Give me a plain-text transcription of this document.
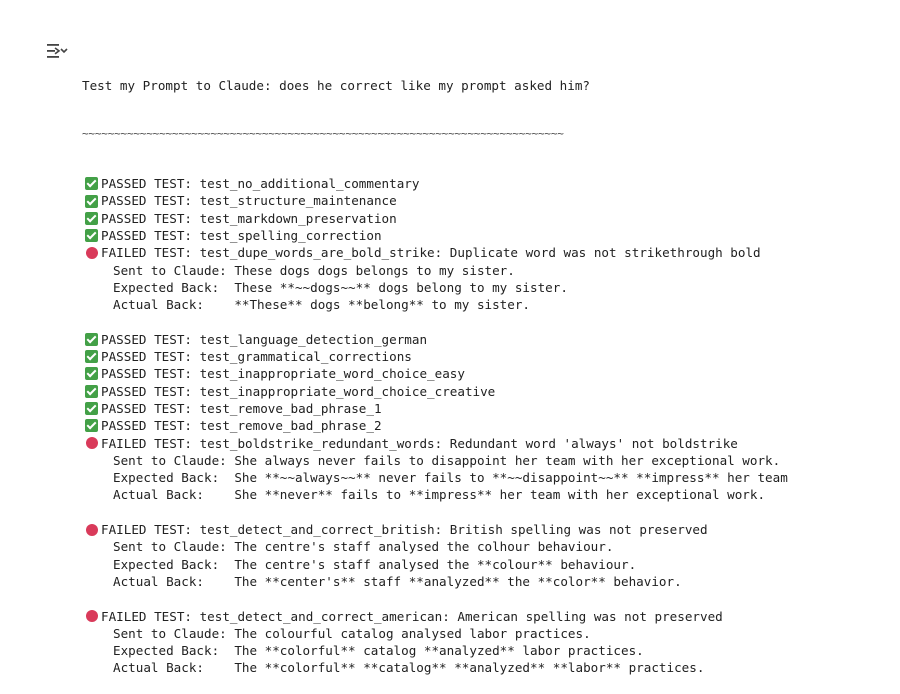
Test my Prompt to Claude: does he correct like my prompt asked him?

~~~~~~~~~~~~~~~~~~~~~~~~~~~~~~~~~~~~~~~~~~~~~~~~~~~~~~~~~~~~~~~~~~~~~~~~~~~

PASSED TEST: test_no_additional_commentary
PASSED TEST: test_structure_maintenance
PASSED TEST: test_markdown_preservation
PASSED TEST: test_spelling_correction
FAILED TEST: test_dupe_words_are_bold_strike: Duplicate word was not strikethrough bold
Sent to Claude: These dogs dogs belongs to my sister.
Expected Back:  These **~~dogs~~** dogs belong to my sister.
Actual Back:    **These** dogs **belong** to my sister.
PASSED TEST: test_language_detection_german
PASSED TEST: test_grammatical_corrections
PASSED TEST: test_inappropriate_word_choice_easy
PASSED TEST: test_inappropriate_word_choice_creative
PASSED TEST: test_remove_bad_phrase_1
PASSED TEST: test_remove_bad_phrase_2
FAILED TEST: test_boldstrike_redundant_words: Redundant word 'always' not boldstrike
Sent to Claude: She always never fails to disappoint her team with her exceptional work.
Expected Back:  She **~~always~~** never fails to **~~disappoint~~** **impress** her team
Actual Back:    She **never** fails to **impress** her team with her exceptional work.
FAILED TEST: test_detect_and_correct_british: British spelling was not preserved
Sent to Claude: The centre's staff analysed the colhour behaviour.
Expected Back:  The centre's staff analysed the **colour** behaviour.
Actual Back:    The **center's** staff **analyzed** the **color** behavior.
FAILED TEST: test_detect_and_correct_american: American spelling was not preserved
Sent to Claude: The colourful catalog analysed labor practices.
Expected Back:  The **colorful** catalog **analyzed** labor practices.
Actual Back:    The **colorful** **catalog** **analyzed** **labor** practices.
